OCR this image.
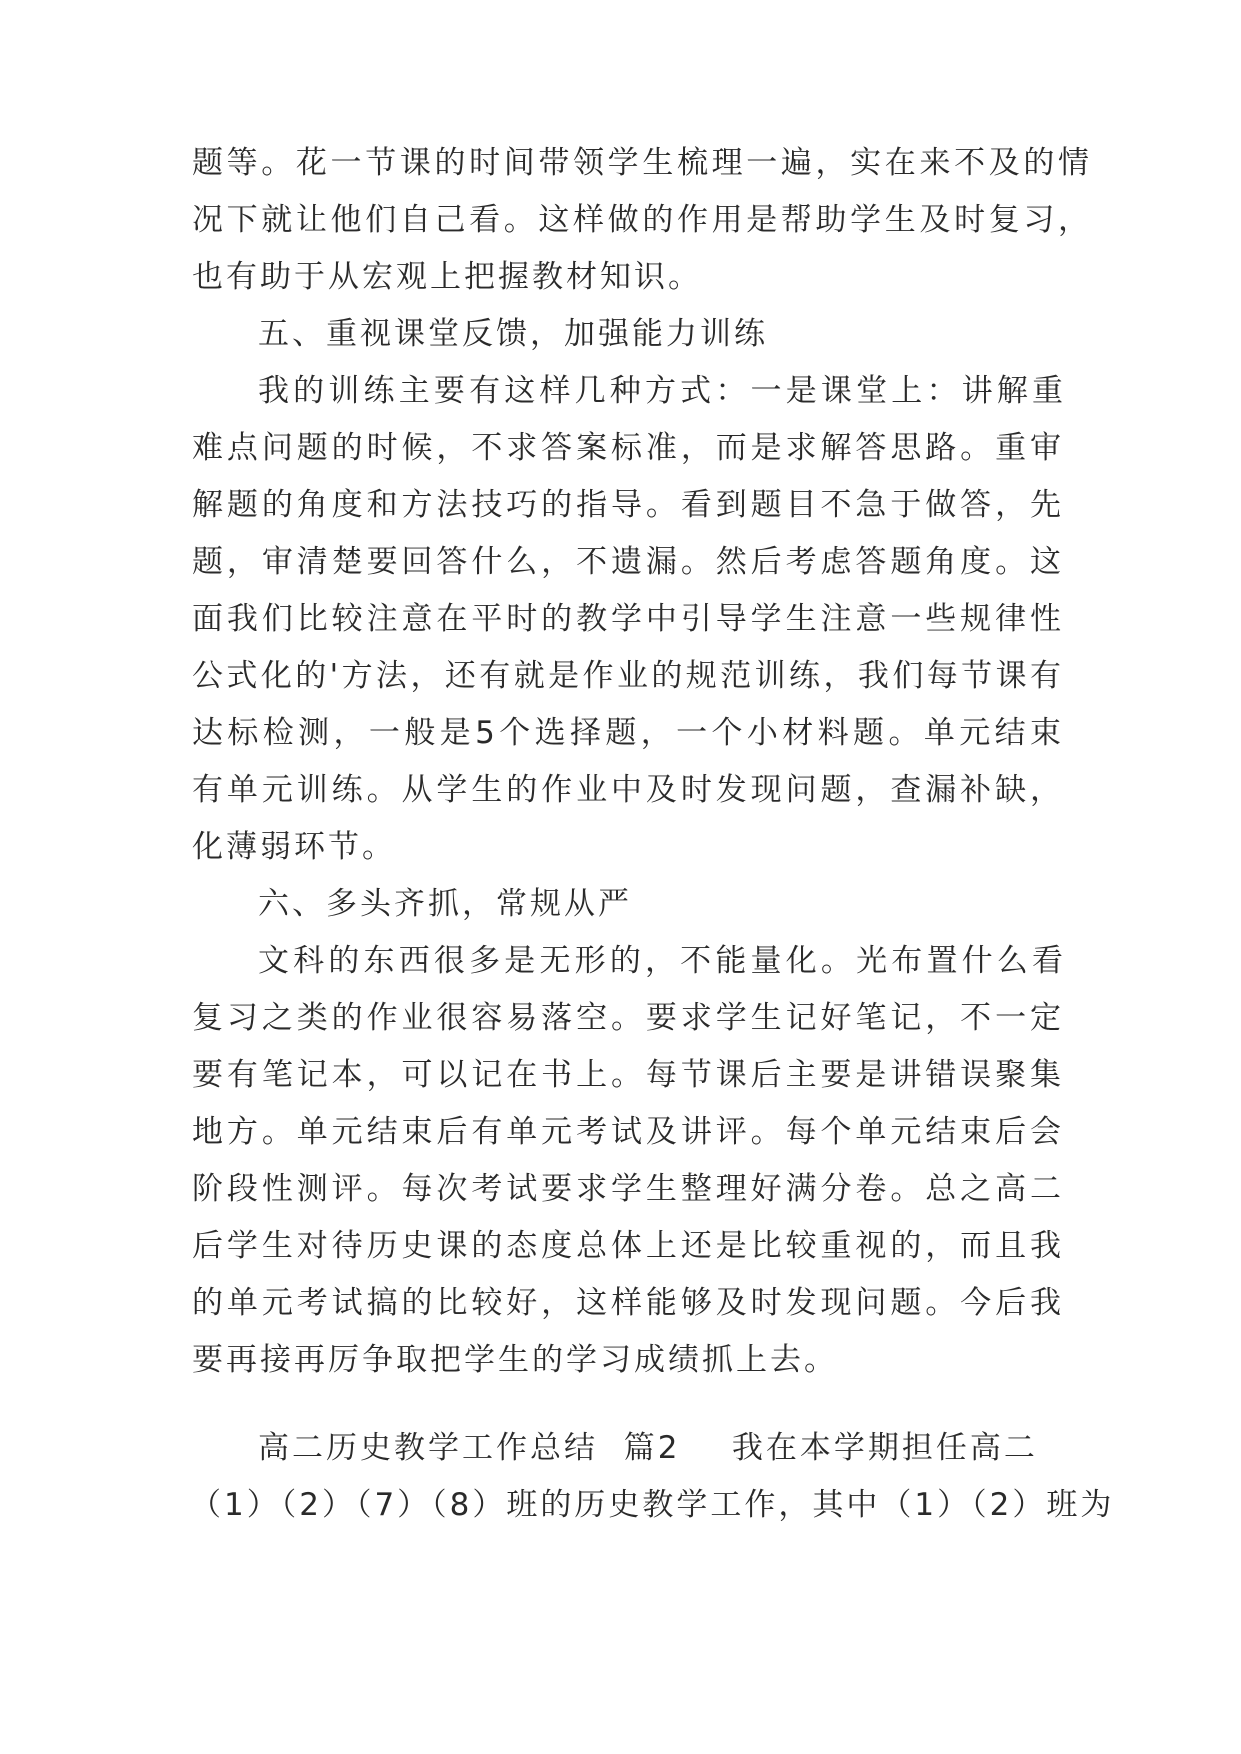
题等。花一节课的时间带领学生梳理一遍，实在来不及的情
况下就让他们自己看。这样做的作用是帮助学生及时复习，
也有助于从宏观上把握教材知识。
五、重视课堂反馈，加强能力训练
我的训练主要有这样几种方式：一是课堂上：讲解重
难点问题的时候，不求答案标准，而是求解答思路。重审
解题的角度和方法技巧的指导。看到题目不急于做答，先
题，审清楚要回答什么，不遗漏。然后考虑答题角度。这
面我们比较注意在平时的教学中引导学生注意一些规律性
公式化的'方法，还有就是作业的规范训练，我们每节课有
达标检测，一般是5个选择题，一个小材料题。单元结束
有单元训练。从学生的作业中及时发现问题，查漏补缺，
化薄弱环节。
六、多头齐抓，常规从严
文科的东西很多是无形的，不能量化。光布置什么看
复习之类的作业很容易落空。要求学生记好笔记，不一定
要有笔记本，可以记在书上。每节课后主要是讲错误聚集
地方。单元结束后有单元考试及讲评。每个单元结束后会
阶段性测评。每次考试要求学生整理好满分卷。总之高二
后学生对待历史课的态度总体上还是比较重视的，而且我
的单元考试搞的比较好，这样能够及时发现问题。今后我
要再接再厉争取把学生的学习成绩抓上去。
高二历史教学工作总结  篇2    我在本学期担任高二
（1）（2）（7）（8）班的历史教学工作，其中（1）（2）班为
